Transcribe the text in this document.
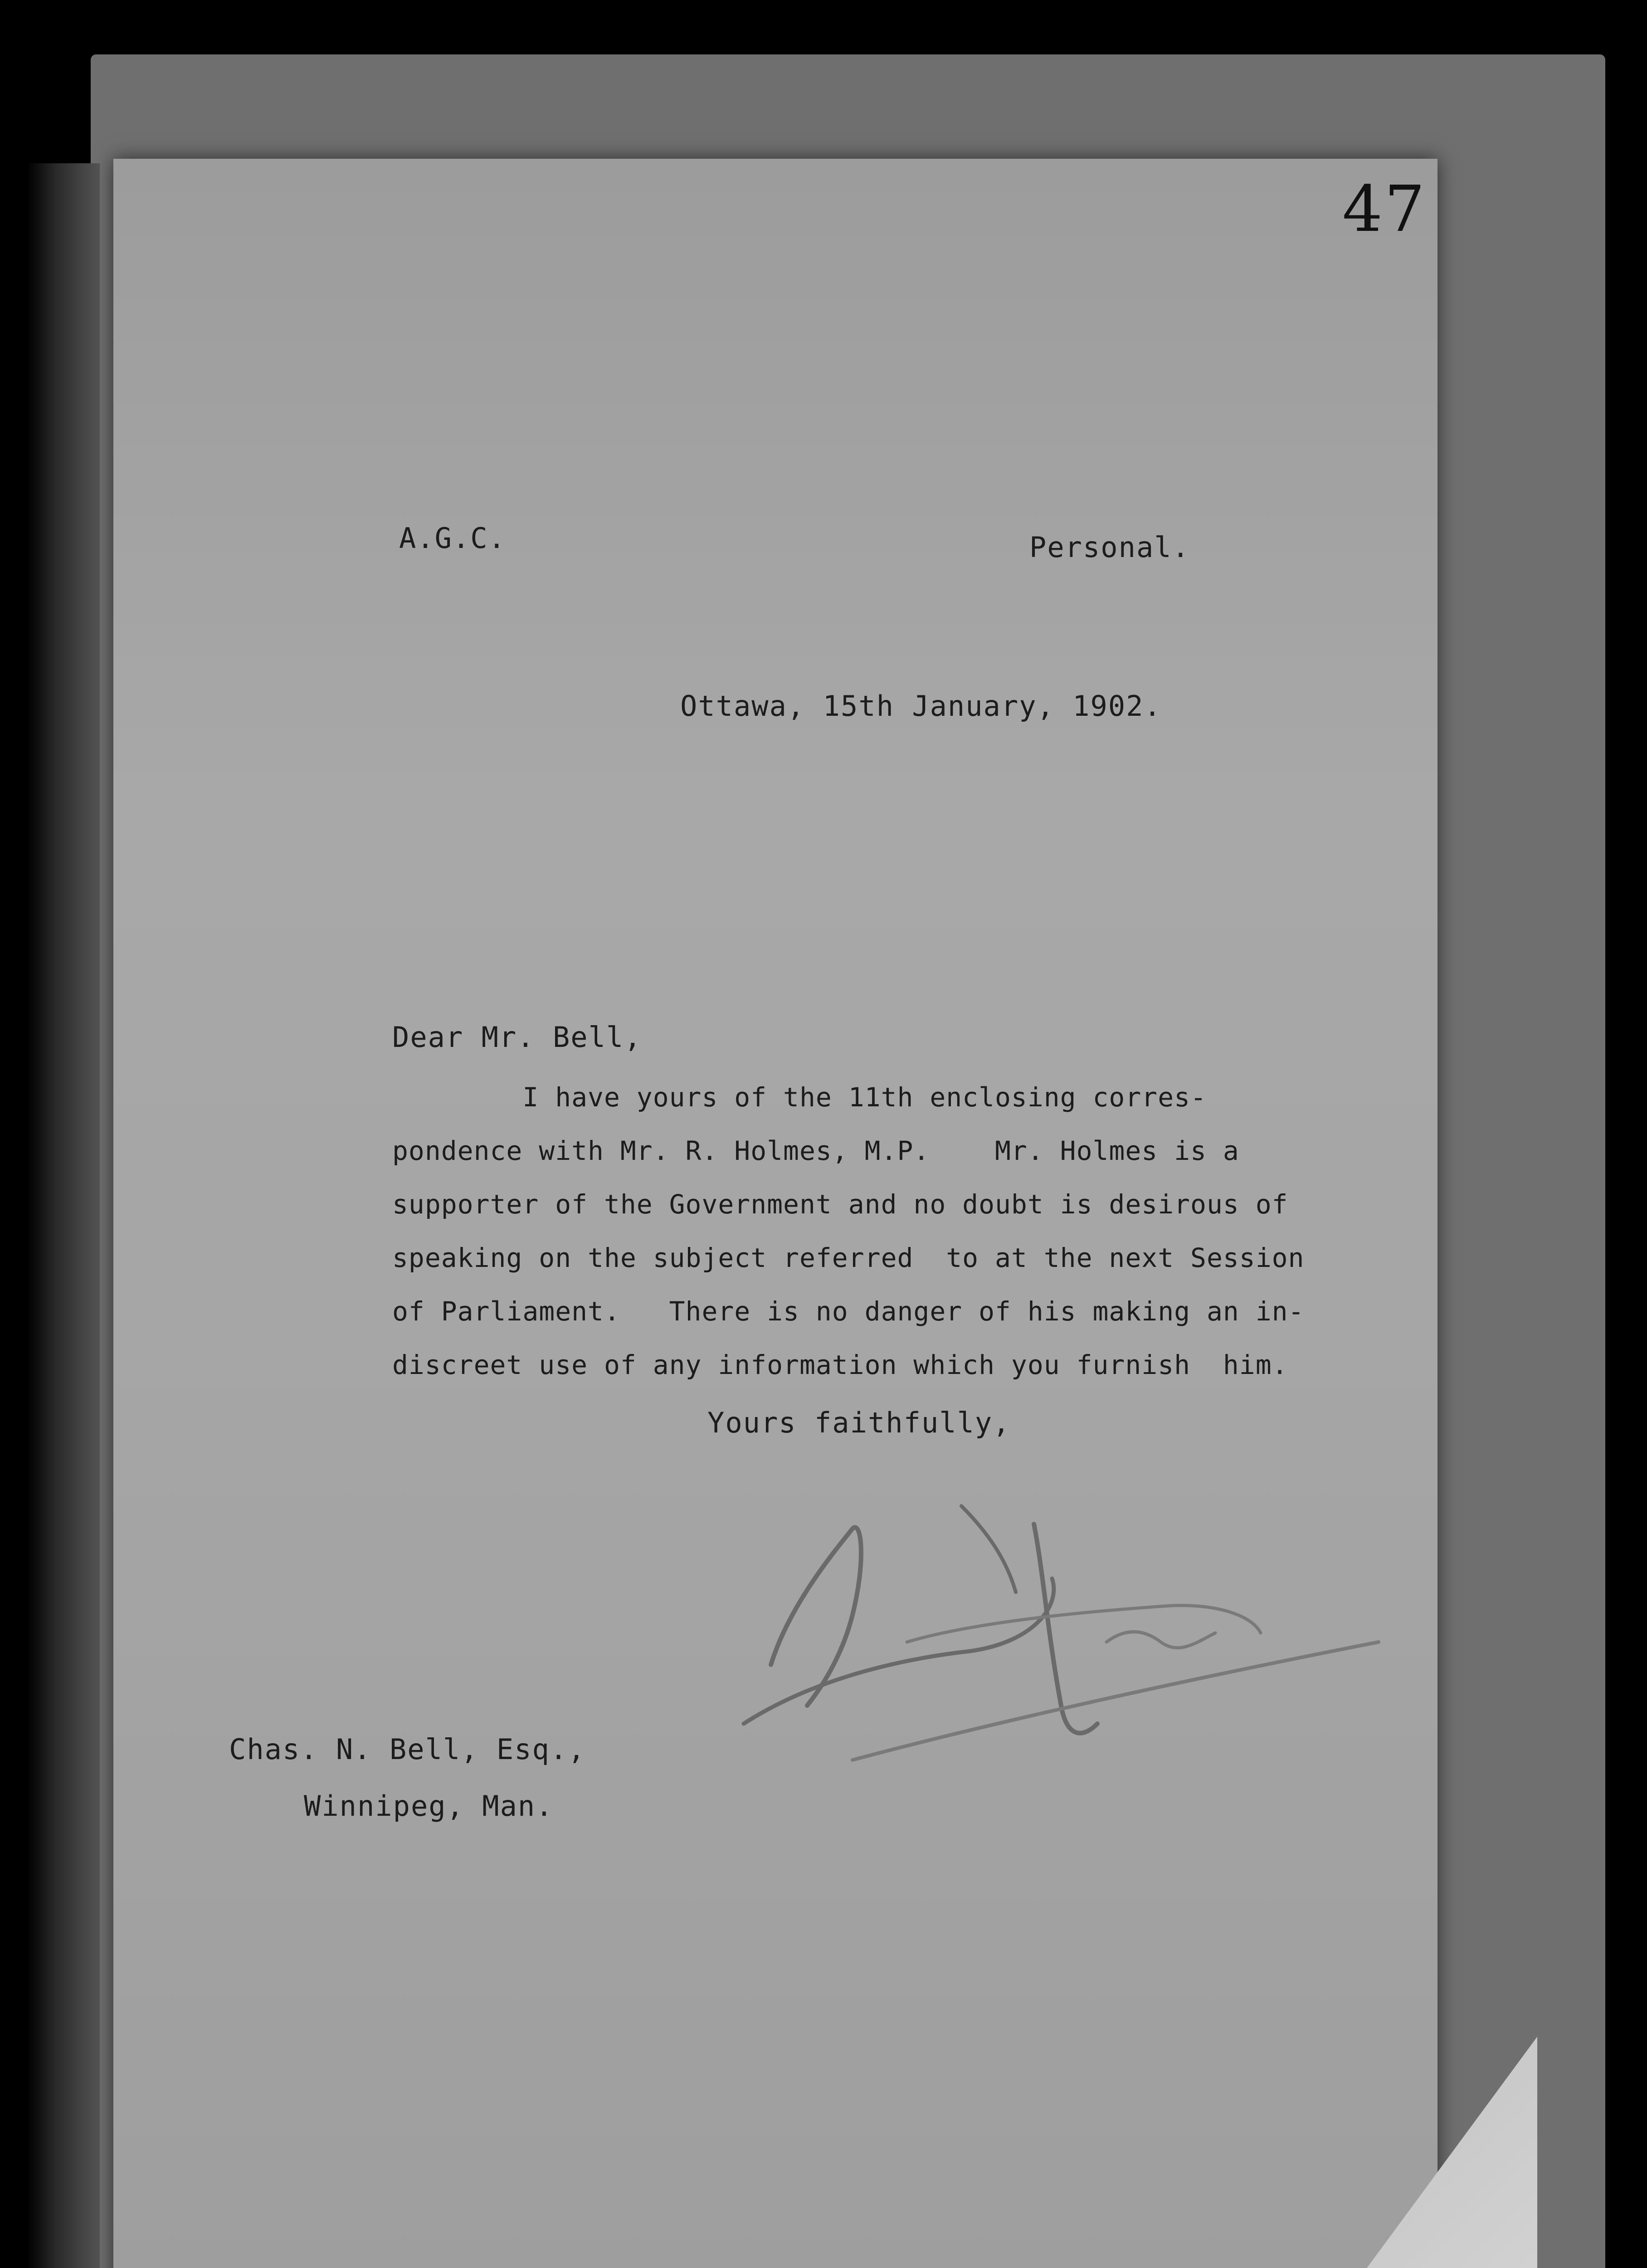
47
A.G.C.	Personal.
Ottawa, 15th January, 1902.
Dear Mr. Bell,
I have yours of the 11th enclosing corres-
pondence with Mr. R. Holmes, M.P.    Mr. Holmes is a
supporter of the Government and no doubt is desirous of
speaking on the subject referred  to at the next Session
of Parliament.   There is no danger of his making an in-
discreet use of any information which you furnish  him.
Yours faithfully,
Chas. N. Bell, Esq.,
Winnipeg, Man.
